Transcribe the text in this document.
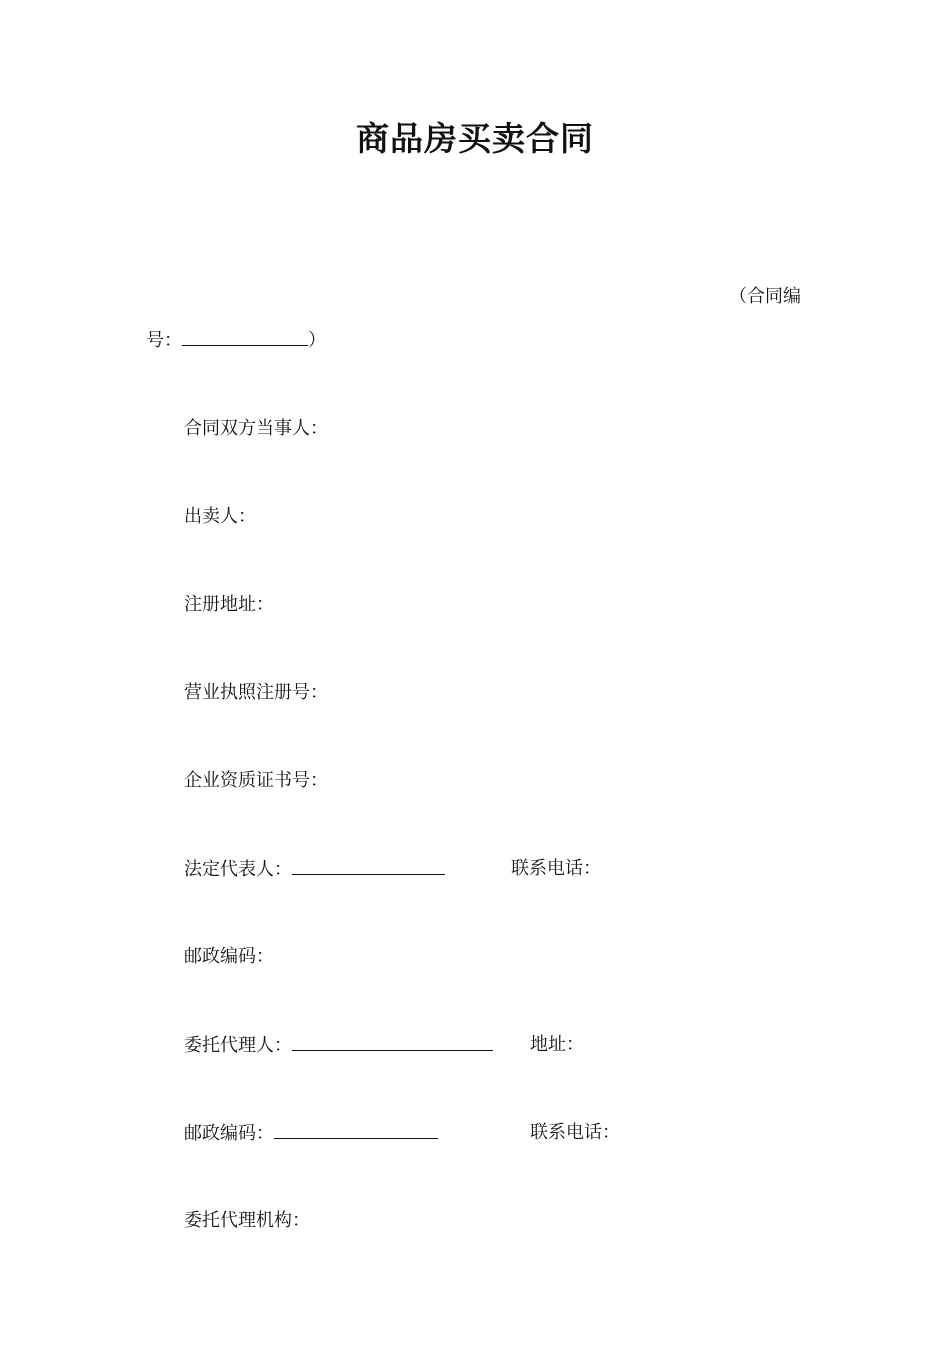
商品房买卖合同
（合同编
号：	）
合同双方当事人：
出卖人：
注册地址：
营业执照注册号：
企业资质证书号：
法定代表人：	联系电话：
邮政编码：
委托代理人：	地址：
邮政编码：	联系电话：
委托代理机构：
